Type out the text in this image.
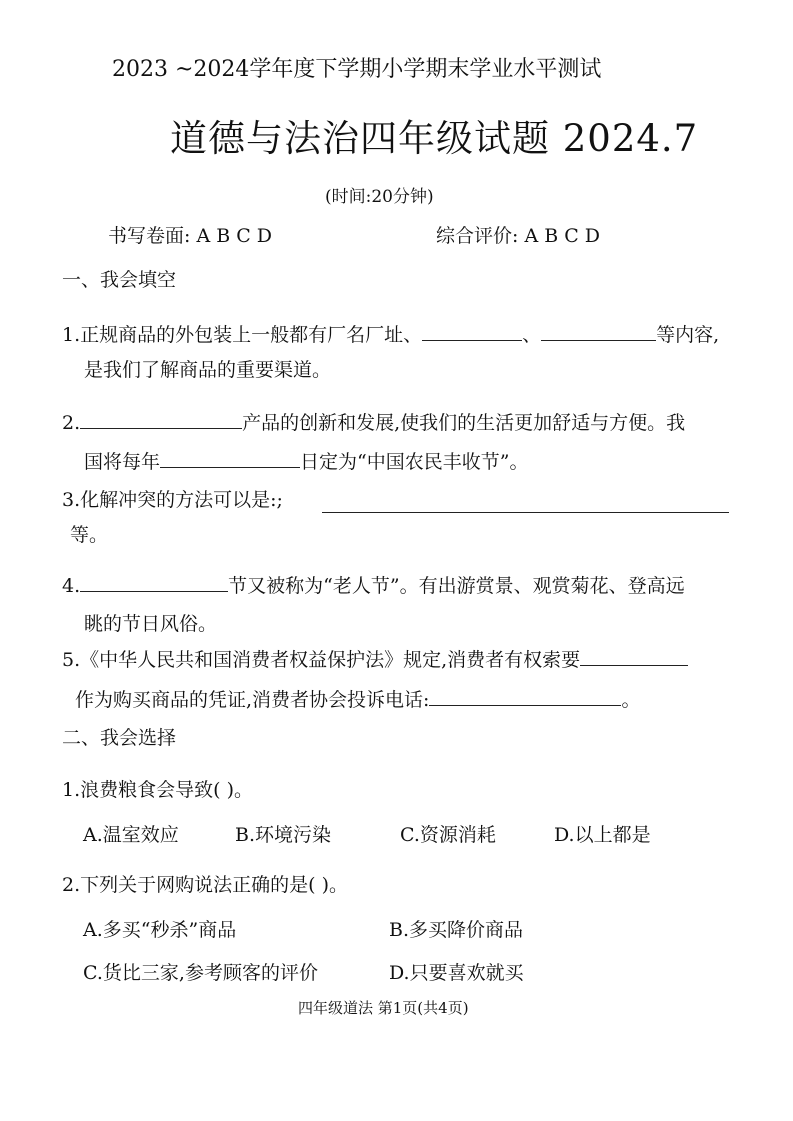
2023 ~2024学年度下学期小学期末学业水平测试
道德与法治四年级试题 2024.7
(时间:20分钟)
书写卷面: A B C D	综合评价: A B C D
一、我会填空
1.正规商品的外包装上一般都有厂名厂址、	、	等内容,
是我们了解商品的重要渠道。
2.	产品的创新和发展,使我们的生活更加舒适与方便。我
国将每年	日定为“中国农民丰收节”。
3.化解冲突的方法可以是:;
等。
4.	节又被称为“老人节”。有出游赏景、观赏菊花、登高远
眺的节日风俗。
5.《中华人民共和国消费者权益保护法》规定,消费者有权索要
作为购买商品的凭证,消费者协会投诉电话:	。
二、我会选择
1.浪费粮食会导致( )。
A.温室效应	B.环境污染	C.资源消耗	D.以上都是
2.下列关于网购说法正确的是( )。
A.多买“秒杀”商品	B.多买降价商品
C.货比三家,参考顾客的评价	D.只要喜欢就买
四年级道法 第1页(共4页)
